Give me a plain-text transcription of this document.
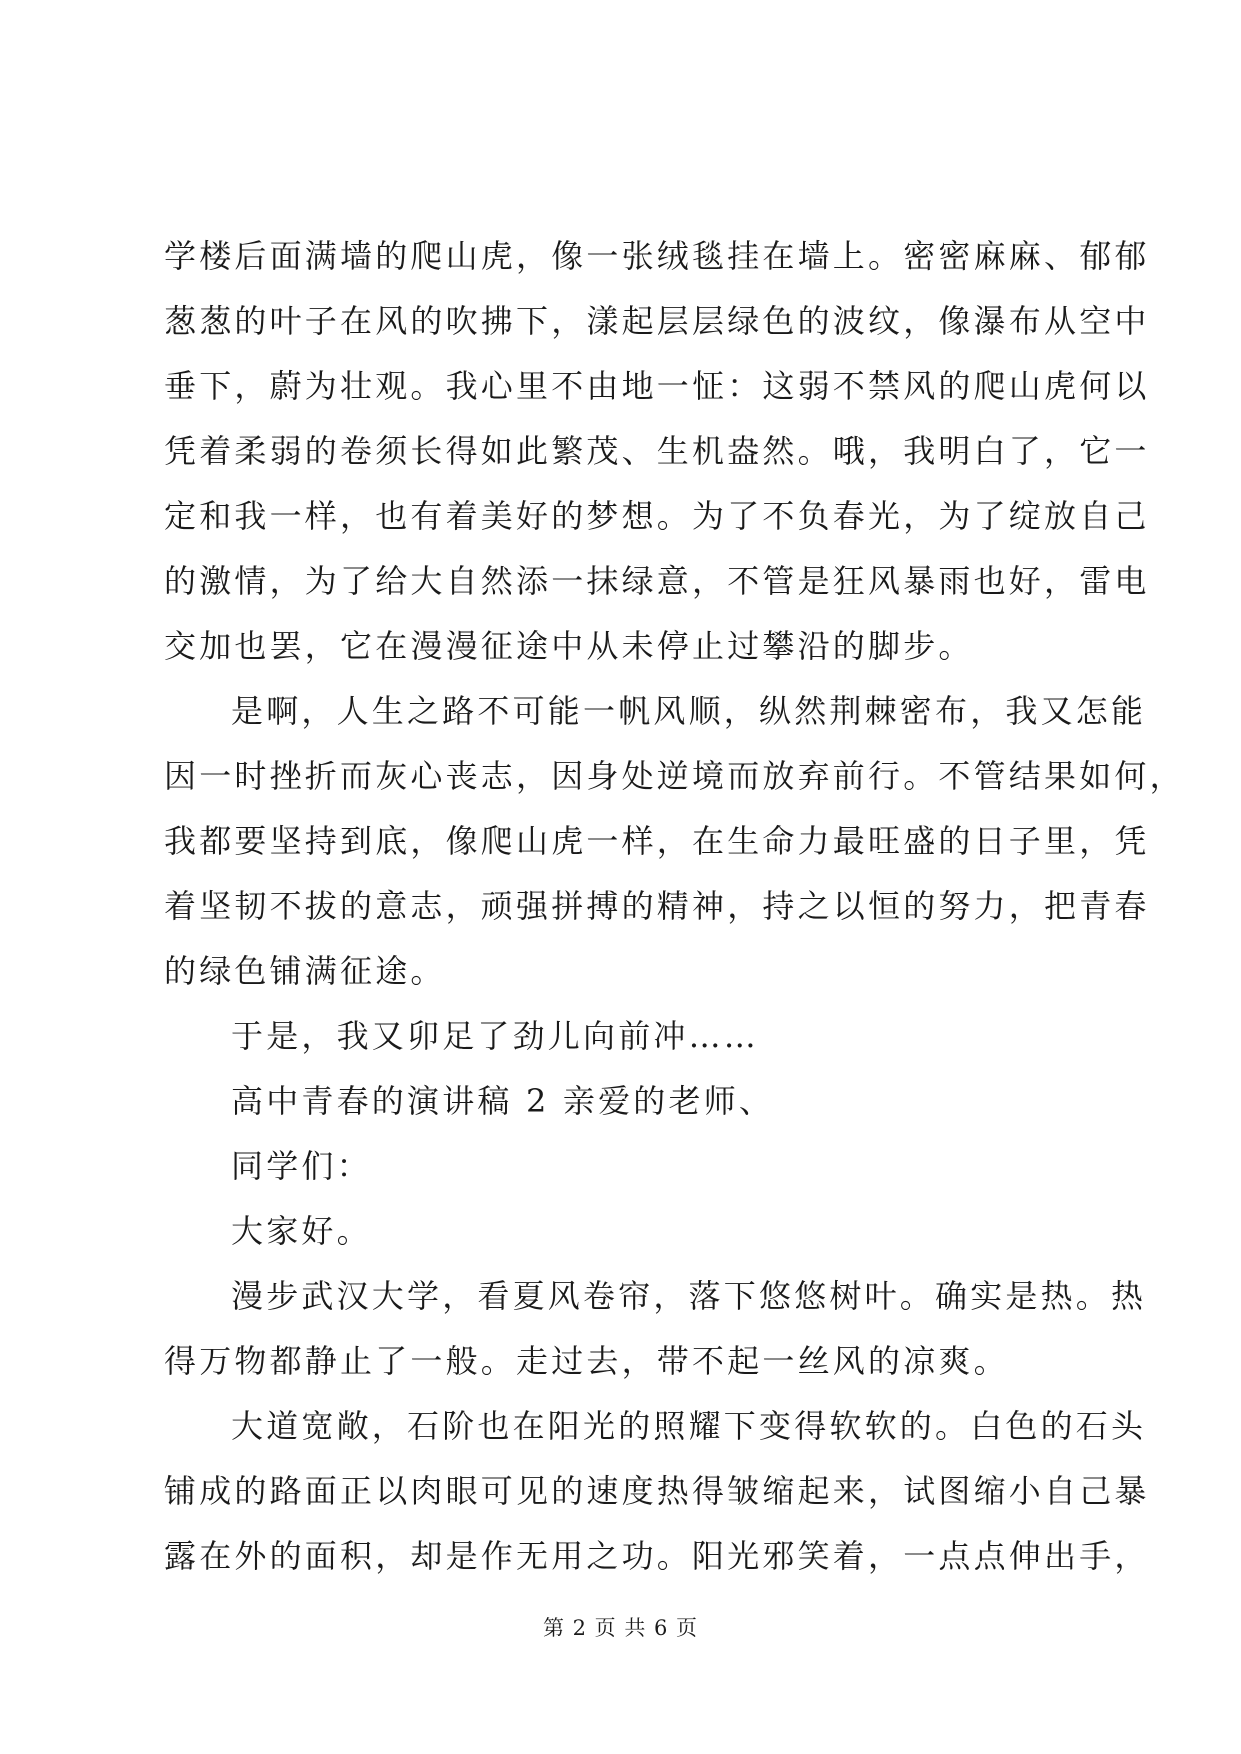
学楼后面满墙的爬山虎，像一张绒毯挂在墙上。密密麻麻、郁郁
葱葱的叶子在风的吹拂下，漾起层层绿色的波纹，像瀑布从空中
垂下，蔚为壮观。我心里不由地一怔：这弱不禁风的爬山虎何以
凭着柔弱的卷须长得如此繁茂、生机盎然。哦，我明白了，它一
定和我一样，也有着美好的梦想。为了不负春光，为了绽放自己
的激情，为了给大自然添一抹绿意，不管是狂风暴雨也好，雷电
交加也罢，它在漫漫征途中从未停止过攀沿的脚步。
是啊，人生之路不可能一帆风顺，纵然荆棘密布，我又怎能
因一时挫折而灰心丧志，因身处逆境而放弃前行。不管结果如何，
我都要坚持到底，像爬山虎一样，在生命力最旺盛的日子里，凭
着坚韧不拔的意志，顽强拼搏的精神，持之以恒的努力，把青春
的绿色铺满征途。
于是，我又卯足了劲儿向前冲……
高中青春的演讲稿 2 亲爱的老师、
同学们：
大家好。
漫步武汉大学，看夏风卷帘，落下悠悠树叶。确实是热。热
得万物都静止了一般。走过去，带不起一丝风的凉爽。
大道宽敞，石阶也在阳光的照耀下变得软软的。白色的石头
铺成的路面正以肉眼可见的速度热得皱缩起来，试图缩小自己暴
露在外的面积，却是作无用之功。阳光邪笑着，一点点伸出手，
第 2 页 共 6 页
